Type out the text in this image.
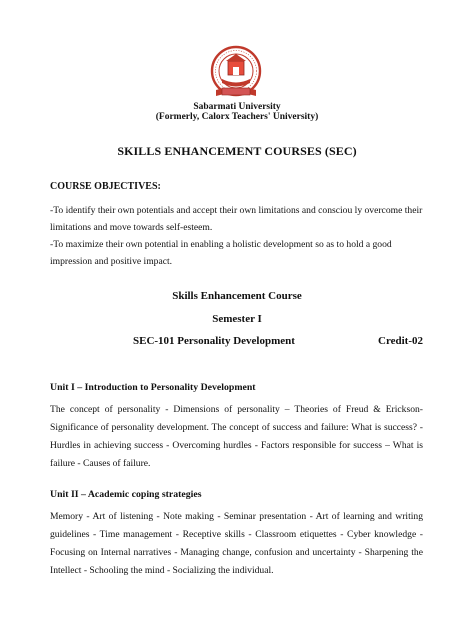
Sabarmati University
(Formerly, Calorx Teachers' University)
SKILLS ENHANCEMENT COURSES (SEC)
COURSE OBJECTIVES:
-To identify their own potentials and accept their own limitations and consciou ly overcome their limitations and move towards self-esteem.
-To maximize their own potential in enabling a holistic development so as to hold a good impression and positive impact.
Skills Enhancement Course
Semester I
SEC-101 Personality Development	Credit-02
Unit I – Introduction to Personality Development
The concept of personality - Dimensions of personality – Theories of Freud & Erickson- Significance of personality development. The concept of success and failure: What is success? - Hurdles in achieving success - Overcoming hurdles - Factors responsible for success – What is failure - Causes of failure.
Unit II – Academic coping strategies
Memory - Art of listening - Note making - Seminar presentation - Art of learning and writing guidelines - Time management - Receptive skills - Classroom etiquettes - Cyber knowledge - Focusing on Internal narratives - Managing change, confusion and uncertainty - Sharpening the Intellect - Schooling the mind - Socializing the individual.
